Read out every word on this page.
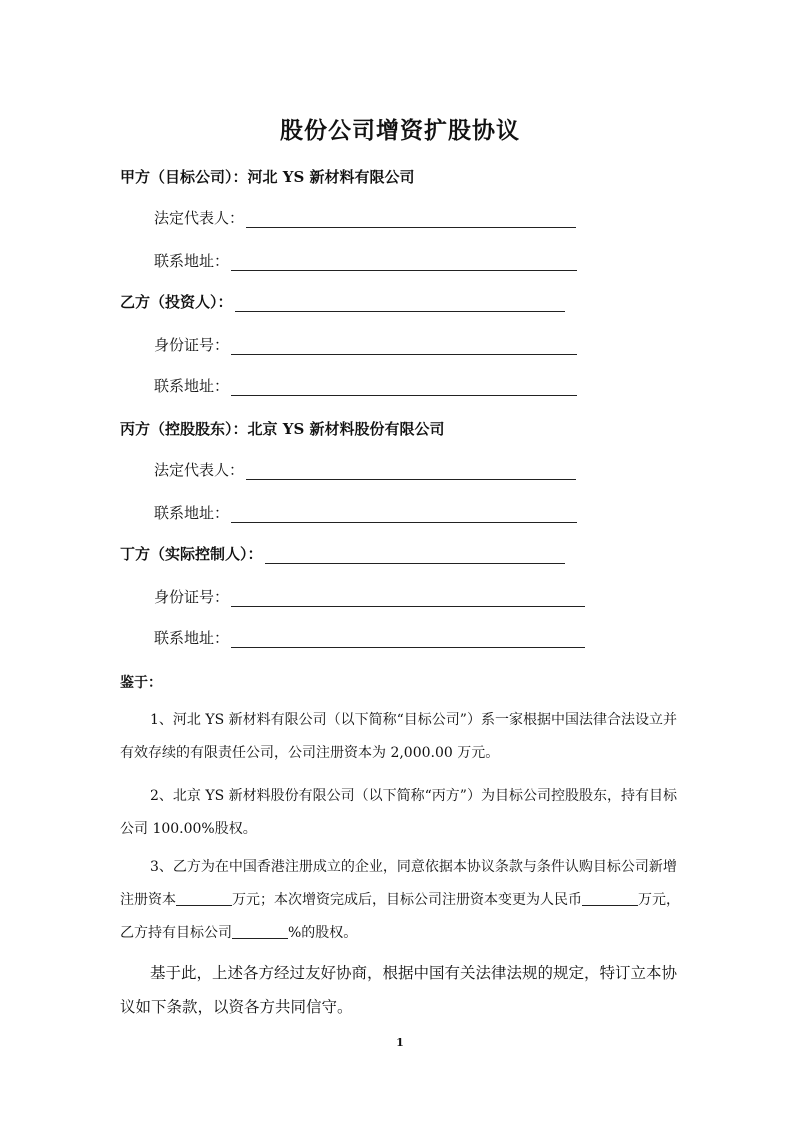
股份公司增资扩股协议
甲方（目标公司）： 河北 YS 新材料有限公司
法定代表人：
联系地址：
乙方（投资人）：
身份证号：
联系地址：
丙方（控股股东）： 北京 YS 新材料股份有限公司
法定代表人：
联系地址：
丁方（实际控制人）：
身份证号：
联系地址：
鉴于：
1、河北 YS 新材料有限公司（以下简称“目标公司”）系一家根据中国法律合法设立并有效存续的有限责任公司，公司注册资本为 2,000.00 万元。
2、北京 YS 新材料股份有限公司（以下简称“丙方”）为目标公司控股股东，持有目标公司 100.00%股权。
3、乙方为在中国香港注册成立的企业，同意依据本协议条款与条件认购目标公司新增注册资本	万元；本次增资完成后，目标公司注册资本变更为人民币	万元，乙方持有目标公司	%的股权。
基于此，上述各方经过友好协商，根据中国有关法律法规的规定，特订立本协议如下条款，以资各方共同信守。
1
